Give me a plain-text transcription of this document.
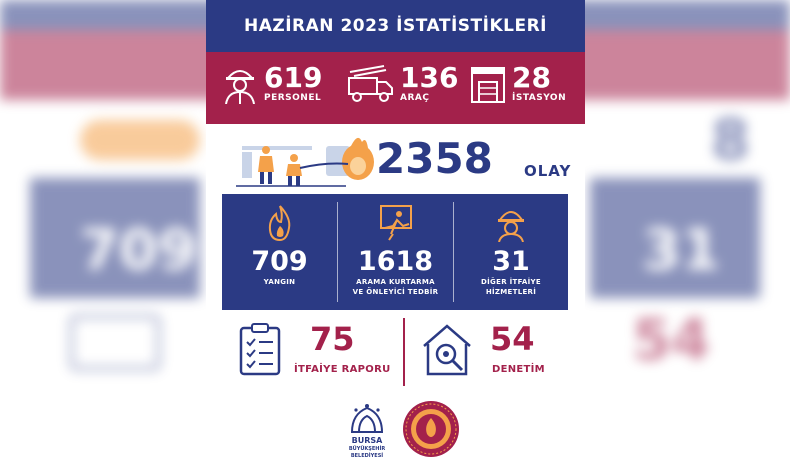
8
709	31
54
HAZİRAN 2023 İSTATİSTİKLERİ
619
PERSONEL
136
ARAÇ
28
İSTASYON
2358 OLAY
709
YANGIN
1618
ARAMA KURTARMA
VE ÖNLEYİCİ TEDBİR
31
DİĞER İTFAİYE
HİZMETLERİ
75
İTFAİYE RAPORU
54
DENETİM
BURSA
BÜYÜKŞEHİR
BELEDİYESİ
